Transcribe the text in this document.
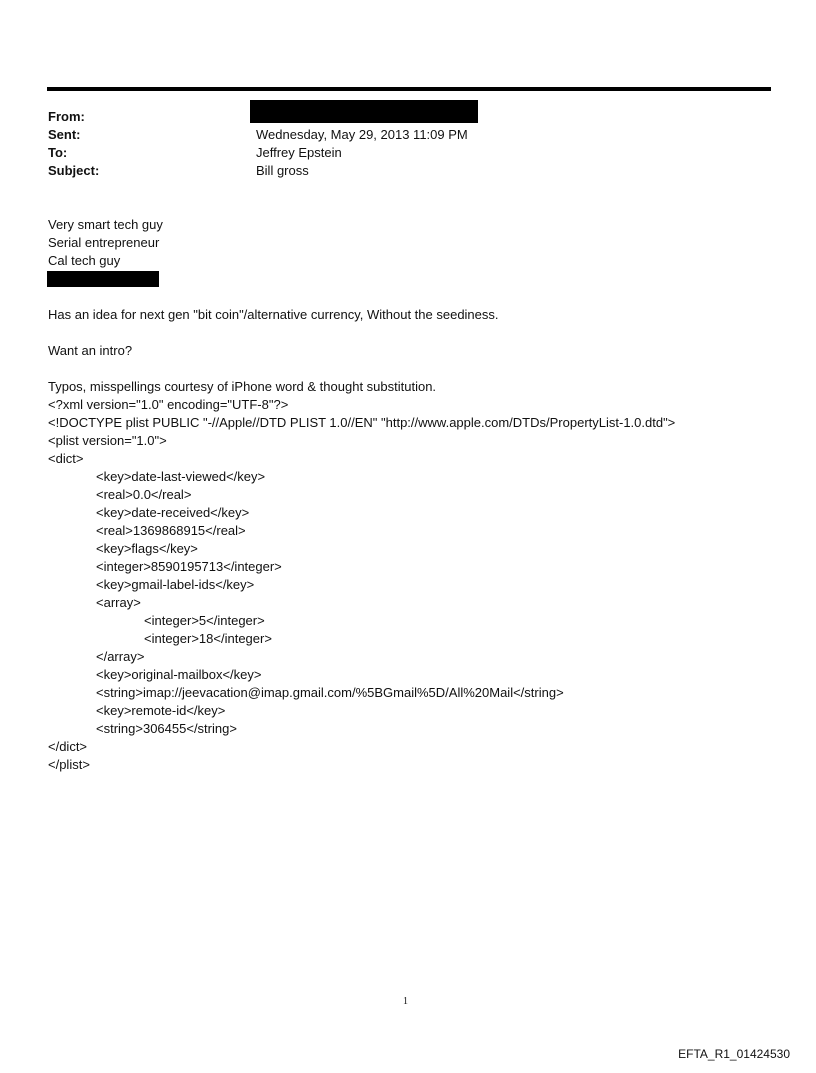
From:
Sent:	Wednesday, May 29, 2013 11:09 PM
To:	Jeffrey Epstein
Subject:	Bill gross
Very smart tech guy
Serial entrepreneur
Cal tech guy
Has an idea for next gen "bit coin"/alternative currency, Without the seediness.
Want an intro?
Typos, misspellings courtesy of iPhone word & thought substitution.
<?xml version="1.0" encoding="UTF-8"?>
<!DOCTYPE plist PUBLIC "-//Apple//DTD PLIST 1.0//EN" "http://www.apple.com/DTDs/PropertyList-1.0.dtd">
<plist version="1.0">
<dict>
<key>date-last-viewed</key>
<real>0.0</real>
<key>date-received</key>
<real>1369868915</real>
<key>flags</key>
<integer>8590195713</integer>
<key>gmail-label-ids</key>
<array>
<integer>5</integer>
<integer>18</integer>
</array>
<key>original-mailbox</key>
<string>imap://jeevacation@imap.gmail.com/%5BGmail%5D/All%20Mail</string>
<key>remote-id</key>
<string>306455</string>
</dict>
</plist>
1
EFTA_R1_01424530
